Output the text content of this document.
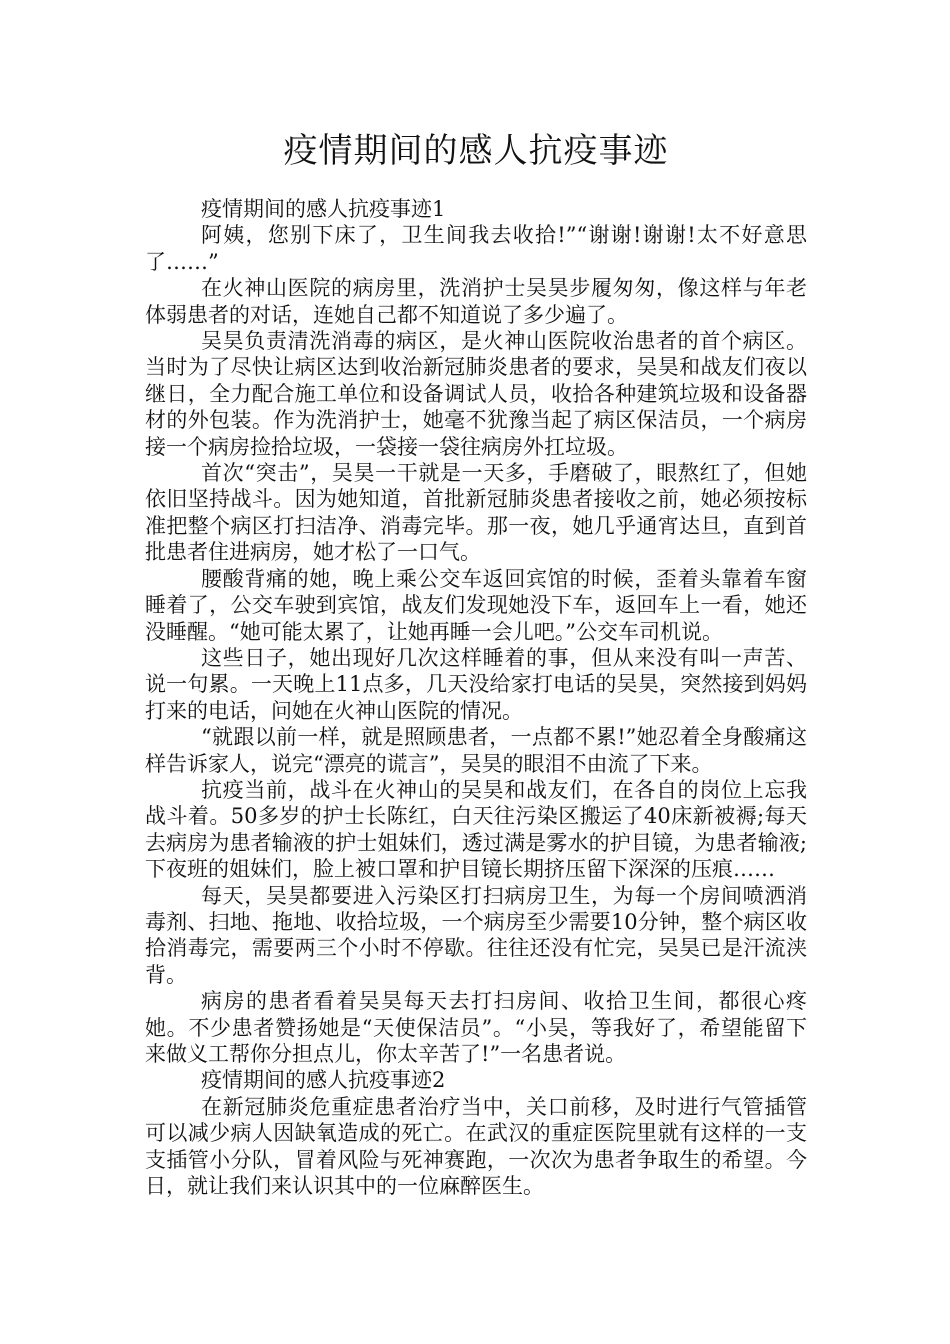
疫情期间的感人抗疫事迹

疫情期间的感人抗疫事迹1

阿姨，您别下床了，卫生间我去收拾!”“谢谢!谢谢!太不好意思了……”

在火神山医院的病房里，洗消护士吴昊步履匆匆，像这样与年老体弱患者的对话，连她自己都不知道说了多少遍了。

吴昊负责清洗消毒的病区，是火神山医院收治患者的首个病区。当时为了尽快让病区达到收治新冠肺炎患者的要求，吴昊和战友们夜以继日，全力配合施工单位和设备调试人员，收拾各种建筑垃圾和设备器材的外包装。作为洗消护士，她毫不犹豫当起了病区保洁员，一个病房接一个病房捡拾垃圾，一袋接一袋往病房外扛垃圾。

首次“突击”，吴昊一干就是一天多，手磨破了，眼熬红了，但她依旧坚持战斗。因为她知道，首批新冠肺炎患者接收之前，她必须按标准把整个病区打扫洁净、消毒完毕。那一夜，她几乎通宵达旦，直到首批患者住进病房，她才松了一口气。

腰酸背痛的她，晚上乘公交车返回宾馆的时候，歪着头靠着车窗睡着了，公交车驶到宾馆，战友们发现她没下车，返回车上一看，她还没睡醒。“她可能太累了，让她再睡一会儿吧。”公交车司机说。

这些日子，她出现好几次这样睡着的事，但从来没有叫一声苦、说一句累。一天晚上11点多，几天没给家打电话的吴昊，突然接到妈妈打来的电话，问她在火神山医院的情况。

“就跟以前一样，就是照顾患者，一点都不累!”她忍着全身酸痛这样告诉家人，说完“漂亮的谎言”，吴昊的眼泪不由流了下来。

抗疫当前，战斗在火神山的吴昊和战友们，在各自的岗位上忘我战斗着。50多岁的护士长陈红，白天往污染区搬运了40床新被褥;每天去病房为患者输液的护士姐妹们，透过满是雾水的护目镜，为患者输液;下夜班的姐妹们，脸上被口罩和护目镜长期挤压留下深深的压痕……

每天，吴昊都要进入污染区打扫病房卫生，为每一个房间喷洒消毒剂、扫地、拖地、收拾垃圾，一个病房至少需要10分钟，整个病区收拾消毒完，需要两三个小时不停歇。往往还没有忙完，吴昊已是汗流浃背。

病房的患者看着吴昊每天去打扫房间、收拾卫生间，都很心疼她。不少患者赞扬她是“天使保洁员”。“小吴，等我好了，希望能留下来做义工帮你分担点儿，你太辛苦了!”一名患者说。

疫情期间的感人抗疫事迹2

在新冠肺炎危重症患者治疗当中，关口前移，及时进行气管插管可以减少病人因缺氧造成的死亡。在武汉的重症医院里就有这样的一支支插管小分队，冒着风险与死神赛跑，一次次为患者争取生的希望。今日，就让我们来认识其中的一位麻醉医生。
